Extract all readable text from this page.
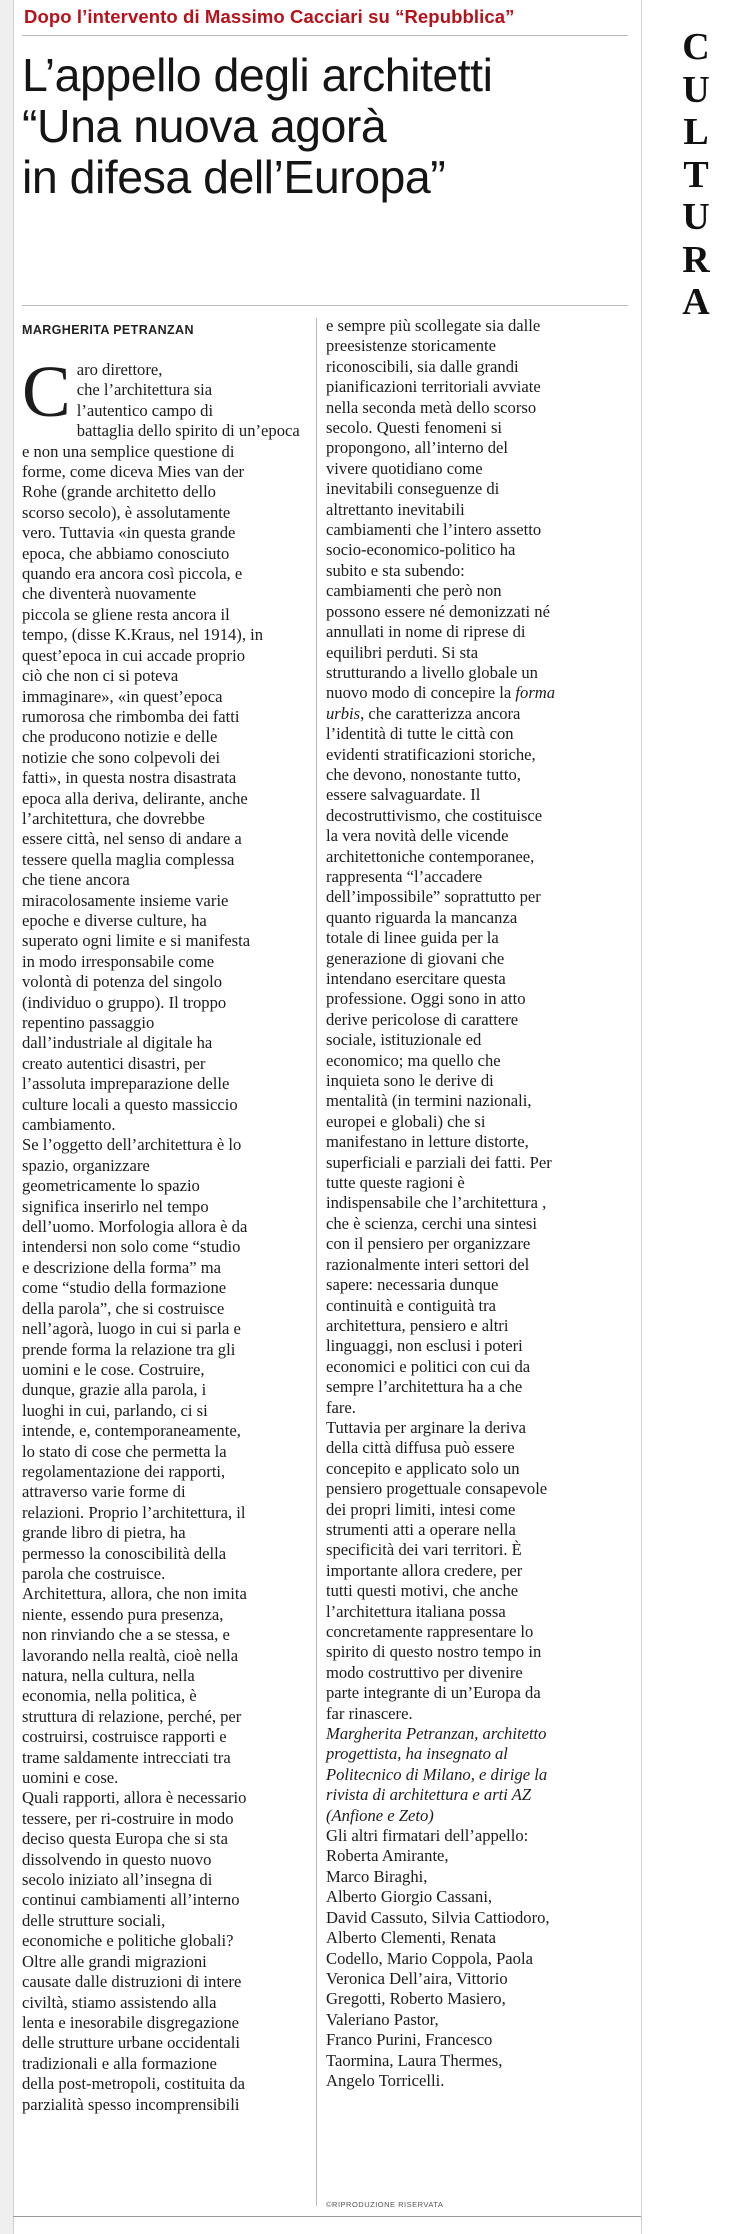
Dopo l’intervento di Massimo Cacciari su “Repubblica”
L’appello degli architetti
“Una nuova agorà
in difesa dell’Europa”
MARGHERITA PETRANZAN
C aro direttore,
che l’architettura sia
l’autentico campo di
battaglia dello spirito di un’epoca
e non una semplice questione di
forme, come diceva Mies van der
Rohe (grande architetto dello
scorso secolo), è assolutamente
vero. Tuttavia «in questa grande
epoca, che abbiamo conosciuto
quando era ancora così piccola, e
che diventerà nuovamente
piccola se gliene resta ancora il
tempo, (disse K.Kraus, nel 1914), in
quest’epoca in cui accade proprio
ciò che non ci si poteva
immaginare», «in quest’epoca
rumorosa che rimbomba dei fatti
che producono notizie e delle
notizie che sono colpevoli dei
fatti», in questa nostra disastrata
epoca alla deriva, delirante, anche
l’architettura, che dovrebbe
essere città, nel senso di andare a
tessere quella maglia complessa
che tiene ancora
miracolosamente insieme varie
epoche e diverse culture, ha
superato ogni limite e si manifesta
in modo irresponsabile come
volontà di potenza del singolo
(individuo o gruppo). Il troppo
repentino passaggio
dall’industriale al digitale ha
creato autentici disastri, per
l’assoluta impreparazione delle
culture locali a questo massiccio
cambiamento.
Se l’oggetto dell’architettura è lo
spazio, organizzare
geometricamente lo spazio
significa inserirlo nel tempo
dell’uomo. Morfologia allora è da
intendersi non solo come “studio
e descrizione della forma” ma
come “studio della formazione
della parola”, che si costruisce
nell’agorà, luogo in cui si parla e
prende forma la relazione tra gli
uomini e le cose. Costruire,
dunque, grazie alla parola, i
luoghi in cui, parlando, ci si
intende, e, contemporaneamente,
lo stato di cose che permetta la
regolamentazione dei rapporti,
attraverso varie forme di
relazioni. Proprio l’architettura, il
grande libro di pietra, ha
permesso la conoscibilità della
parola che costruisce.
Architettura, allora, che non imita
niente, essendo pura presenza,
non rinviando che a se stessa, e
lavorando nella realtà, cioè nella
natura, nella cultura, nella
economia, nella politica, è
struttura di relazione, perché, per
costruirsi, costruisce rapporti e
trame saldamente intrecciati tra
uomini e cose.
Quali rapporti, allora è necessario
tessere, per ri-costruire in modo
deciso questa Europa che si sta
dissolvendo in questo nuovo
secolo iniziato all’insegna di
continui cambiamenti all’interno
delle strutture sociali,
economiche e politiche globali?
Oltre alle grandi migrazioni
causate dalle distruzioni di intere
civiltà, stiamo assistendo alla
lenta e inesorabile disgregazione
delle strutture urbane occidentali
tradizionali e alla formazione
della post-metropoli, costituita da
parzialità spesso incomprensibili
e sempre più scollegate sia dalle
preesistenze storicamente
riconoscibili, sia dalle grandi
pianificazioni territoriali avviate
nella seconda metà dello scorso
secolo. Questi fenomeni si
propongono, all’interno del
vivere quotidiano come
inevitabili conseguenze di
altrettanto inevitabili
cambiamenti che l’intero assetto
socio-economico-politico ha
subito e sta subendo:
cambiamenti che però non
possono essere né demonizzati né
annullati in nome di riprese di
equilibri perduti. Si sta
strutturando a livello globale un
nuovo modo di concepire la forma
urbis, che caratterizza ancora
l’identità di tutte le città con
evidenti stratificazioni storiche,
che devono, nonostante tutto,
essere salvaguardate. Il
decostruttivismo, che costituisce
la vera novità delle vicende
architettoniche contemporanee,
rappresenta “l’accadere
dell’impossibile” soprattutto per
quanto riguarda la mancanza
totale di linee guida per la
generazione di giovani che
intendano esercitare questa
professione. Oggi sono in atto
derive pericolose di carattere
sociale, istituzionale ed
economico; ma quello che
inquieta sono le derive di
mentalità (in termini nazionali,
europei e globali) che si
manifestano in letture distorte,
superficiali e parziali dei fatti. Per
tutte queste ragioni è
indispensabile che l’architettura ,
che è scienza, cerchi una sintesi
con il pensiero per organizzare
razionalmente interi settori del
sapere: necessaria dunque
continuità e contiguità tra
architettura, pensiero e altri
linguaggi, non esclusi i poteri
economici e politici con cui da
sempre l’architettura ha a che
fare.
Tuttavia per arginare la deriva
della città diffusa può essere
concepito e applicato solo un
pensiero progettuale consapevole
dei propri limiti, intesi come
strumenti atti a operare nella
specificità dei vari territori. È
importante allora credere, per
tutti questi motivi, che anche
l’architettura italiana possa
concretamente rappresentare lo
spirito di questo nostro tempo in
modo costruttivo per divenire
parte integrante di un’Europa da
far rinascere.
Margherita Petranzan, architetto
progettista, ha insegnato al
Politecnico di Milano, e dirige la
rivista di architettura e arti AZ
(Anfione e Zeto)
Gli altri firmatari dell’appello:
Roberta Amirante,
Marco Biraghi,
Alberto Giorgio Cassani,
David Cassuto, Silvia Cattiodoro,
Alberto Clementi, Renata
Codello, Mario Coppola, Paola
Veronica Dell’aira, Vittorio
Gregotti, Roberto Masiero,
Valeriano Pastor,
Franco Purini, Francesco
Taormina, Laura Thermes,
Angelo Torricelli.
©RIPRODUZIONE RISERVATA
C
U
L
T
U
R
A
